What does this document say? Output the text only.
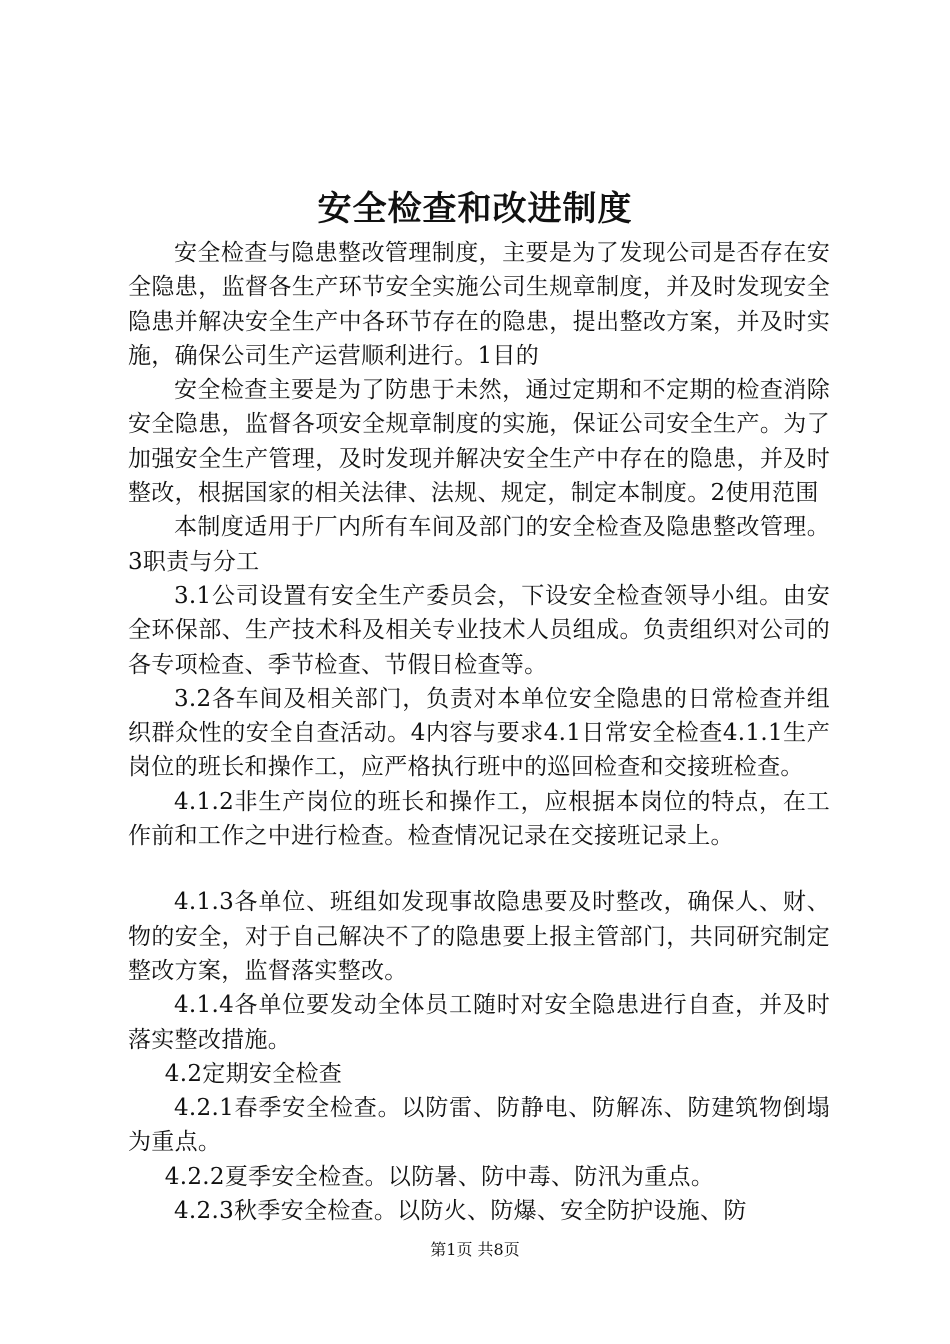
安全检查和改进制度

安全检查与隐患整改管理制度，主要是为了发现公司是否存在安全隐患，监督各生产环节安全实施公司生规章制度，并及时发现安全隐患并解决安全生产中各环节存在的隐患，提出整改方案，并及时实施，确保公司生产运营顺利进行。1目的

安全检查主要是为了防患于未然，通过定期和不定期的检查消除安全隐患，监督各项安全规章制度的实施，保证公司安全生产。为了加强安全生产管理，及时发现并解决安全生产中存在的隐患，并及时整改，根据国家的相关法律、法规、规定，制定本制度。2使用范围

本制度适用于厂内所有车间及部门的安全检查及隐患整改管理。3职责与分工

3.1公司设置有安全生产委员会，下设安全检查领导小组。由安全环保部、生产技术科及相关专业技术人员组成。负责组织对公司的各专项检查、季节检查、节假日检查等。

3.2各车间及相关部门，负责对本单位安全隐患的日常检查并组织群众性的安全自查活动。4内容与要求4.1日常安全检查4.1.1生产岗位的班长和操作工，应严格执行班中的巡回检查和交接班检查。

4.1.2非生产岗位的班长和操作工，应根据本岗位的特点，在工作前和工作之中进行检查。检查情况记录在交接班记录上。

4.1.3各单位、班组如发现事故隐患要及时整改，确保人、财、物的安全，对于自己解决不了的隐患要上报主管部门，共同研究制定整改方案，监督落实整改。

4.1.4各单位要发动全体员工随时对安全隐患进行自查，并及时落实整改措施。

4.2定期安全检查

4.2.1春季安全检查。以防雷、防静电、防解冻、防建筑物倒塌为重点。

4.2.2夏季安全检查。以防暑、防中毒、防汛为重点。

4.2.3秋季安全检查。以防火、防爆、安全防护设施、防

第1页 共8页
